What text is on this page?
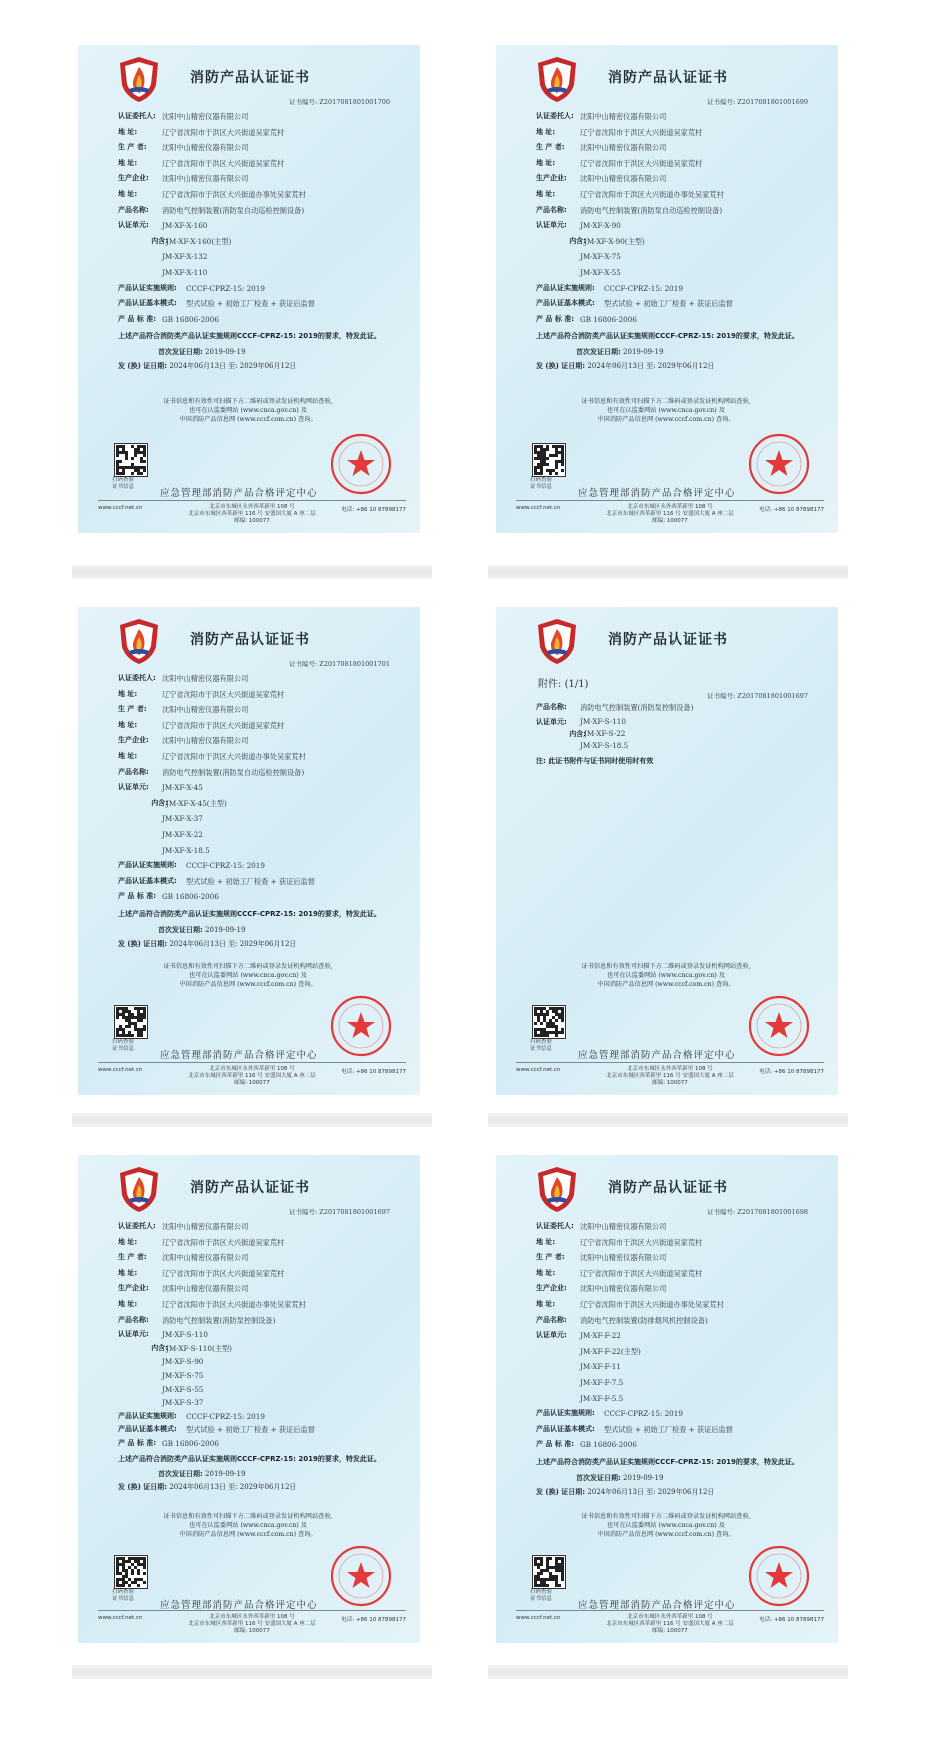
消防产品认证证书
证书编号: Z2017081801001700
认证委托人: 沈阳中山精密仪器有限公司
地 址:	辽宁省沈阳市于洪区大兴街道吴家荒村
生 产 者:	沈阳中山精密仪器有限公司
地 址:	辽宁省沈阳市于洪区大兴街道吴家荒村
生产企业:	沈阳中山精密仪器有限公司
地 址:	辽宁省沈阳市于洪区大兴街道办事处吴家荒村
产品名称:	消防电气控制装置(消防泵自动巡检控制设备)
认证单元:	JM-XF-X-160
内含:
JM-XF-X-160(主型)
JM-XF-X-132
JM-XF-X-110
产品认证实施规则:	CCCF-CPRZ-15: 2019
产品认证基本模式:	型式试验 + 初始工厂检查 + 获证后监督
产 品 标 准: GB 16806-2006
上述产品符合消防类产品认证实施规则CCCF-CPRZ-15: 2019的要求，特发此证。
首次发证日期: 2019-09-19
发 (换) 证日期: 2024年06月13日 至: 2029年06月12日
证书信息和有效性可扫描下方二维码或登录发证机构网站查验,
也可在认监委网站 (www.cnca.gov.cn) 及
中国消防产品信息网 (www.cccf.com.cn) 查询。
扫码查验
证书信息
应急管理部消防产品合格评定中心
www.cccf.net.cn	北京市东城区永外西革新里 108 号
北京市东城区西革新里 116 号 安盛国大厦 A 座二层
邮编: 100077
电话: +86 10 87898177
消防产品认证证书
证书编号: Z2017081801001699
认证委托人: 沈阳中山精密仪器有限公司
地 址:	辽宁省沈阳市于洪区大兴街道吴家荒村
生 产 者:	沈阳中山精密仪器有限公司
地 址:	辽宁省沈阳市于洪区大兴街道吴家荒村
生产企业:	沈阳中山精密仪器有限公司
地 址:	辽宁省沈阳市于洪区大兴街道办事处吴家荒村
产品名称:	消防电气控制装置(消防泵自动巡检控制设备)
认证单元:	JM-XF-X-90
内含:
JM-XF-X-90(主型)
JM-XF-X-75
JM-XF-X-55
产品认证实施规则:	CCCF-CPRZ-15: 2019
产品认证基本模式:	型式试验 + 初始工厂检查 + 获证后监督
产 品 标 准: GB 16806-2006
上述产品符合消防类产品认证实施规则CCCF-CPRZ-15: 2019的要求，特发此证。
首次发证日期: 2019-09-19
发 (换) 证日期: 2024年06月13日 至: 2029年06月12日
证书信息和有效性可扫描下方二维码或登录发证机构网站查验,
也可在认监委网站 (www.cnca.gov.cn) 及
中国消防产品信息网 (www.cccf.com.cn) 查询。
扫码查验
证书信息
应急管理部消防产品合格评定中心
www.cccf.net.cn	北京市东城区永外西革新里 108 号
北京市东城区西革新里 116 号 安盛国大厦 A 座二层
邮编: 100077
电话: +86 10 87898177
消防产品认证证书
证书编号: Z2017081801001701
认证委托人: 沈阳中山精密仪器有限公司
地 址:	辽宁省沈阳市于洪区大兴街道吴家荒村
生 产 者:	沈阳中山精密仪器有限公司
地 址:	辽宁省沈阳市于洪区大兴街道吴家荒村
生产企业:	沈阳中山精密仪器有限公司
地 址:	辽宁省沈阳市于洪区大兴街道办事处吴家荒村
产品名称:	消防电气控制装置(消防泵自动巡检控制设备)
认证单元:	JM-XF-X-45
内含:
JM-XF-X-45(主型)
JM-XF-X-37
JM-XF-X-22
JM-XF-X-18.5
产品认证实施规则:	CCCF-CPRZ-15: 2019
产品认证基本模式:	型式试验 + 初始工厂检查 + 获证后监督
产 品 标 准: GB 16806-2006
上述产品符合消防类产品认证实施规则CCCF-CPRZ-15: 2019的要求，特发此证。
首次发证日期: 2019-09-19
发 (换) 证日期: 2024年06月13日 至: 2029年06月12日
证书信息和有效性可扫描下方二维码或登录发证机构网站查验,
也可在认监委网站 (www.cnca.gov.cn) 及
中国消防产品信息网 (www.cccf.com.cn) 查询。
扫码查验
证书信息
应急管理部消防产品合格评定中心
www.cccf.net.cn	北京市东城区永外西革新里 108 号
北京市东城区西革新里 116 号 安盛国大厦 A 座二层
邮编: 100077
电话: +86 10 87898177
消防产品认证证书
附件: (1/1)
证书编号: Z2017081801001697
产品名称:	消防电气控制装置(消防泵控制设备)
认证单元:	JM-XF-S-110
内含:
JM-XF-S-22
JM-XF-S-18.5
注: 此证书附件与证书同时使用时有效
证书信息和有效性可扫描下方二维码或登录发证机构网站查验,
也可在认监委网站 (www.cnca.gov.cn) 及
中国消防产品信息网 (www.cccf.com.cn) 查询。
扫码查验
证书信息
应急管理部消防产品合格评定中心
www.cccf.net.cn	北京市东城区永外西革新里 108 号
北京市东城区西革新里 116 号 安盛国大厦 A 座二层
邮编: 100077
电话: +86 10 87898177
消防产品认证证书
证书编号: Z2017081801001697
认证委托人: 沈阳中山精密仪器有限公司
地 址:	辽宁省沈阳市于洪区大兴街道吴家荒村
生 产 者:	沈阳中山精密仪器有限公司
地 址:	辽宁省沈阳市于洪区大兴街道吴家荒村
生产企业:	沈阳中山精密仪器有限公司
地 址:	辽宁省沈阳市于洪区大兴街道办事处吴家荒村
产品名称:	消防电气控制装置(消防泵控制设备)
认证单元:	JM-XF-S-110
内含:
JM-XF-S-110(主型)
JM-XF-S-90
JM-XF-S-75
JM-XF-S-55
JM-XF-S-37
产品认证实施规则:	CCCF-CPRZ-15: 2019
产品认证基本模式:	型式试验 + 初始工厂检查 + 获证后监督
产 品 标 准: GB 16806-2006
上述产品符合消防类产品认证实施规则CCCF-CPRZ-15: 2019的要求，特发此证。
首次发证日期: 2019-09-19
发 (换) 证日期: 2024年06月13日 至: 2029年06月12日
证书信息和有效性可扫描下方二维码或登录发证机构网站查验,
也可在认监委网站 (www.cnca.gov.cn) 及
中国消防产品信息网 (www.cccf.com.cn) 查询。
扫码查验
证书信息
应急管理部消防产品合格评定中心
www.cccf.net.cn	北京市东城区永外西革新里 108 号
北京市东城区西革新里 116 号 安盛国大厦 A 座二层
邮编: 100077
电话: +86 10 87898177
消防产品认证证书
证书编号: Z2017081801001698
认证委托人: 沈阳中山精密仪器有限公司
地 址:	辽宁省沈阳市于洪区大兴街道吴家荒村
生 产 者:	沈阳中山精密仪器有限公司
地 址:	辽宁省沈阳市于洪区大兴街道吴家荒村
生产企业:	沈阳中山精密仪器有限公司
地 址:	辽宁省沈阳市于洪区大兴街道办事处吴家荒村
产品名称:	消防电气控制装置(防排烟风机控制设备)
认证单元:	JM-XF-F-22
JM-XF-F-22(主型)
JM-XF-F-11
JM-XF-F-7.5
JM-XF-F-5.5
产品认证实施规则:	CCCF-CPRZ-15: 2019
产品认证基本模式:	型式试验 + 初始工厂检查 + 获证后监督
产 品 标 准: GB 16806-2006
上述产品符合消防类产品认证实施规则CCCF-CPRZ-15: 2019的要求，特发此证。
首次发证日期: 2019-09-19
发 (换) 证日期: 2024年06月13日 至: 2029年06月12日
证书信息和有效性可扫描下方二维码或登录发证机构网站查验,
也可在认监委网站 (www.cnca.gov.cn) 及
中国消防产品信息网 (www.cccf.com.cn) 查询。
扫码查验
证书信息
应急管理部消防产品合格评定中心
www.cccf.net.cn	北京市东城区永外西革新里 108 号
北京市东城区西革新里 116 号 安盛国大厦 A 座二层
邮编: 100077
电话: +86 10 87898177
